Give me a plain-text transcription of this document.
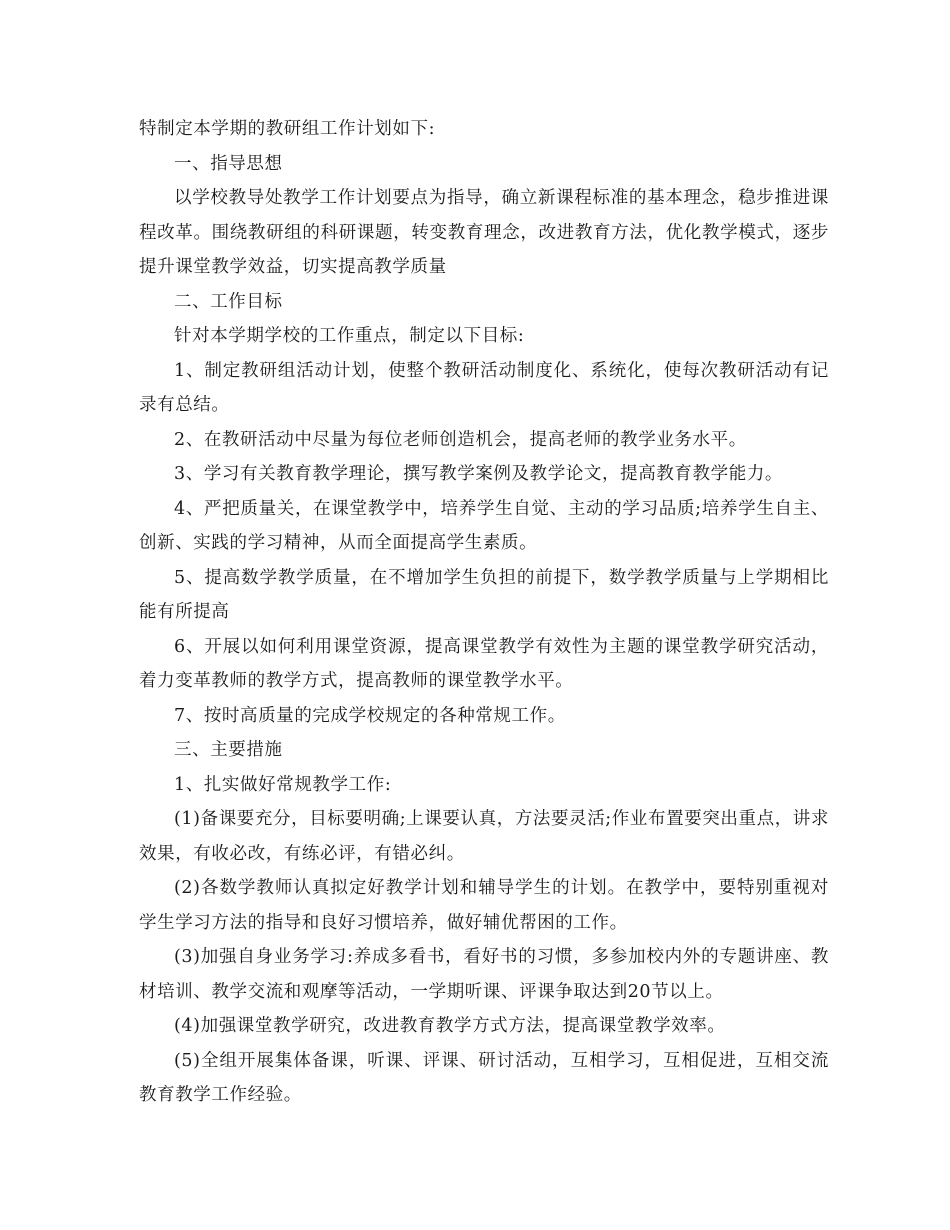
特制定本学期的教研组工作计划如下:

一、指导思想

以学校教导处教学工作计划要点为指导，确立新课程标准的基本理念，稳步推进课程改革。围绕教研组的科研课题，转变教育理念，改进教育方法，优化教学模式，逐步提升课堂教学效益，切实提高教学质量

二、工作目标

针对本学期学校的工作重点，制定以下目标:

1、制定教研组活动计划，使整个教研活动制度化、系统化，使每次教研活动有记录有总结。

2、在教研活动中尽量为每位老师创造机会，提高老师的教学业务水平。

3、学习有关教育教学理论，撰写教学案例及教学论文，提高教育教学能力。

4、严把质量关，在课堂教学中，培养学生自觉、主动的学习品质;培养学生自主、创新、实践的学习精神，从而全面提高学生素质。

5、提高数学教学质量，在不增加学生负担的前提下，数学教学质量与上学期相比能有所提高

6、开展以如何利用课堂资源，提高课堂教学有效性为主题的课堂教学研究活动，着力变革教师的教学方式，提高教师的课堂教学水平。

7、按时高质量的完成学校规定的各种常规工作。

三、主要措施

1、扎实做好常规教学工作:

(1)备课要充分，目标要明确;上课要认真，方法要灵活;作业布置要突出重点，讲求效果，有收必改，有练必评，有错必纠。

(2)各数学教师认真拟定好教学计划和辅导学生的计划。在教学中，要特别重视对学生学习方法的指导和良好习惯培养，做好辅优帮困的工作。

(3)加强自身业务学习:养成多看书，看好书的习惯，多参加校内外的专题讲座、教材培训、教学交流和观摩等活动，一学期听课、评课争取达到20节以上。

(4)加强课堂教学研究，改进教育教学方式方法，提高课堂教学效率。

(5)全组开展集体备课，听课、评课、研讨活动，互相学习，互相促进，互相交流教育教学工作经验。
